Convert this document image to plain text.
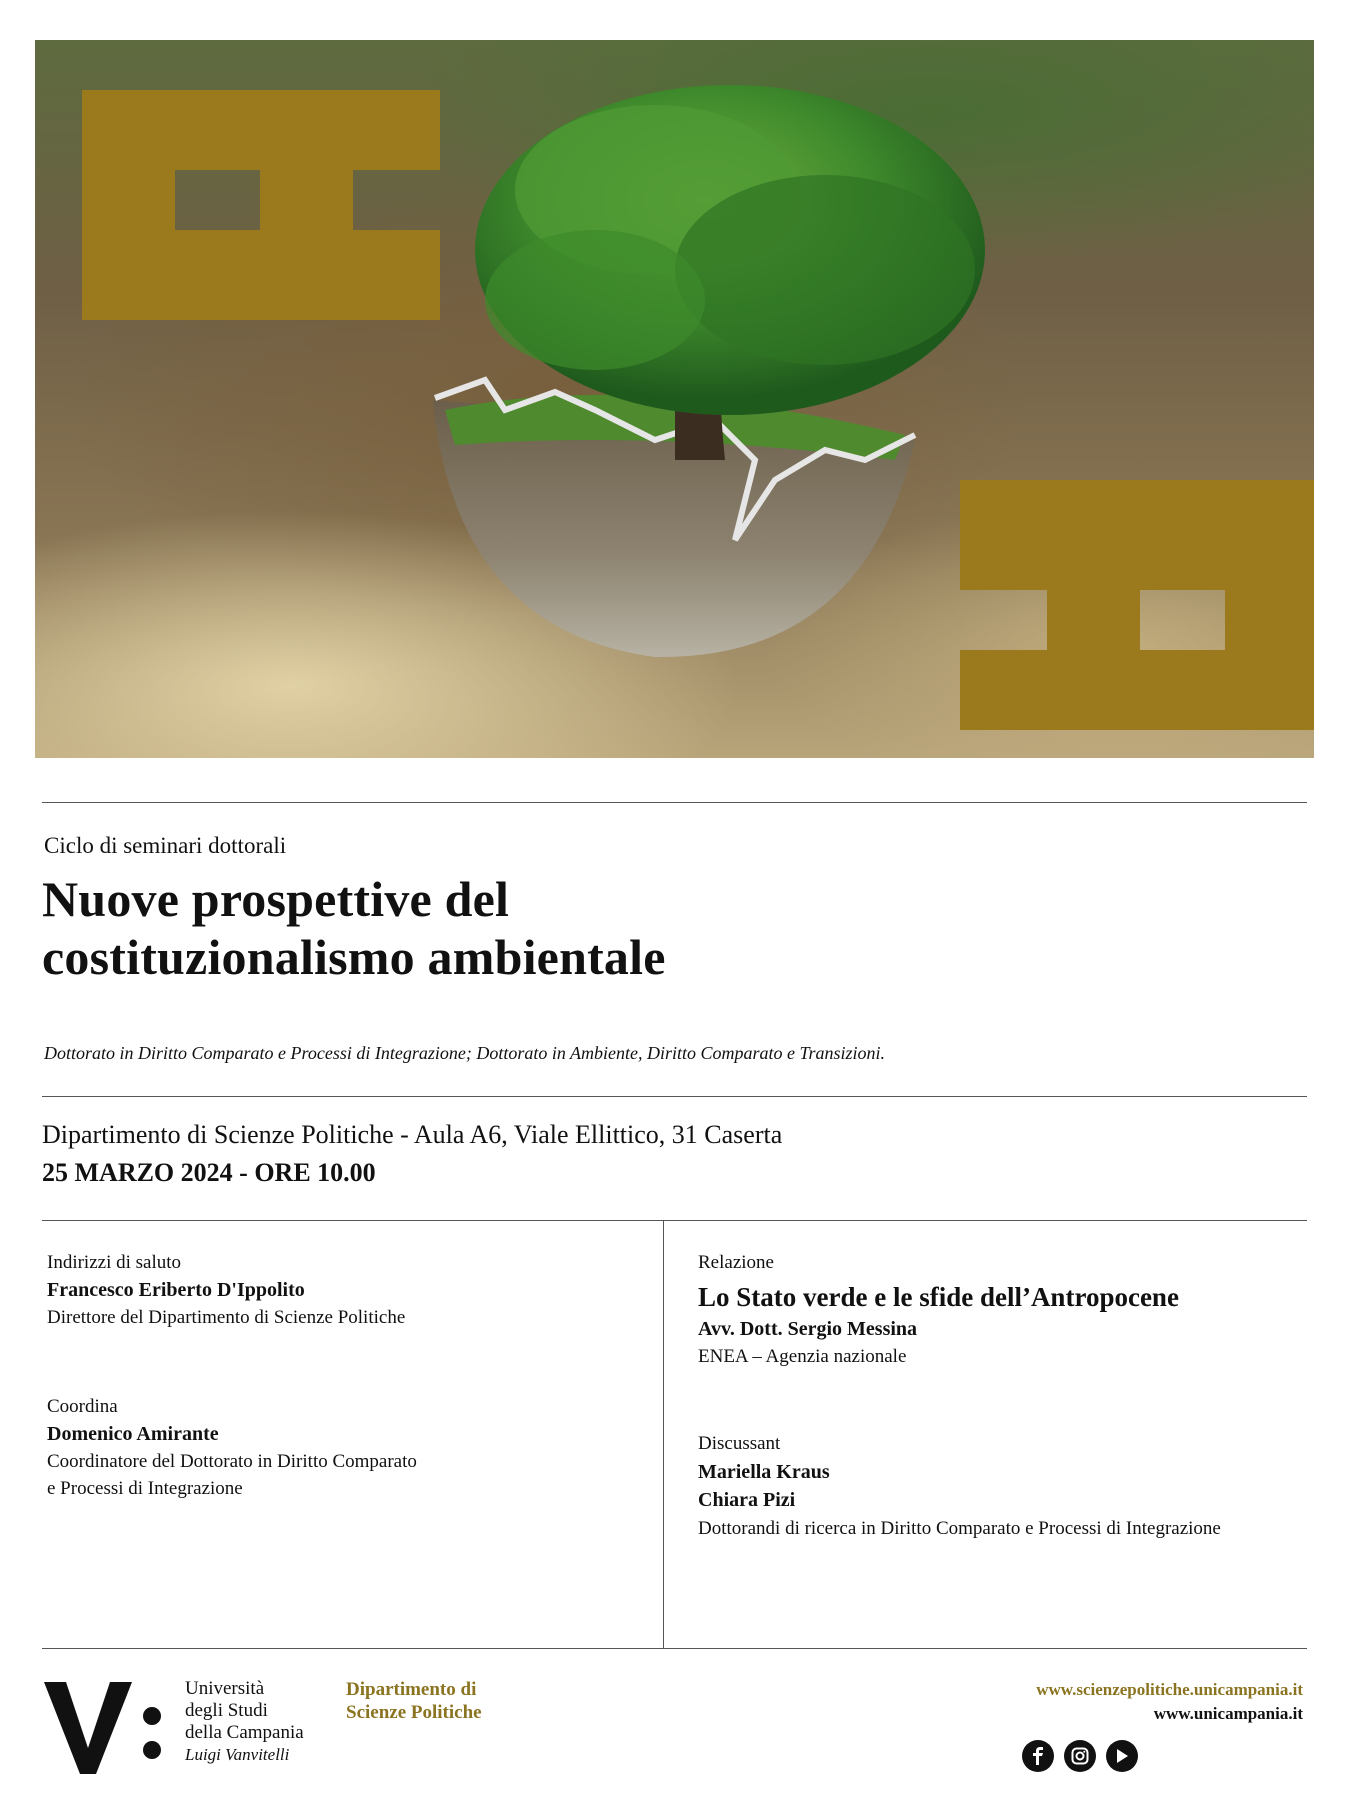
Ciclo di seminari dottorali
Nuove prospettive del
costituzionalismo ambientale
Dottorato in Diritto Comparato e Processi di Integrazione; Dottorato in Ambiente, Diritto Comparato e Transizioni.
Dipartimento di Scienze Politiche - Aula A6, Viale Ellittico, 31 Caserta
25 MARZO 2024 - ORE 10.00
Indirizzi di saluto
Francesco Eriberto D'Ippolito
Direttore del Dipartimento di Scienze Politiche
Coordina
Domenico Amirante
Coordinatore del Dottorato in Diritto Comparato
e Processi di Integrazione
Relazione
Lo Stato verde e le sfide dell’Antropocene
Avv. Dott. Sergio Messina
ENEA – Agenzia nazionale
Discussant
Mariella Kraus
Chiara Pizi
Dottorandi di ricerca in Diritto Comparato e Processi di Integrazione
Università
degli Studi
della Campania
Luigi Vanvitelli
Dipartimento di
Scienze Politiche
www.scienzepolitiche.unicampania.it
www.unicampania.it
